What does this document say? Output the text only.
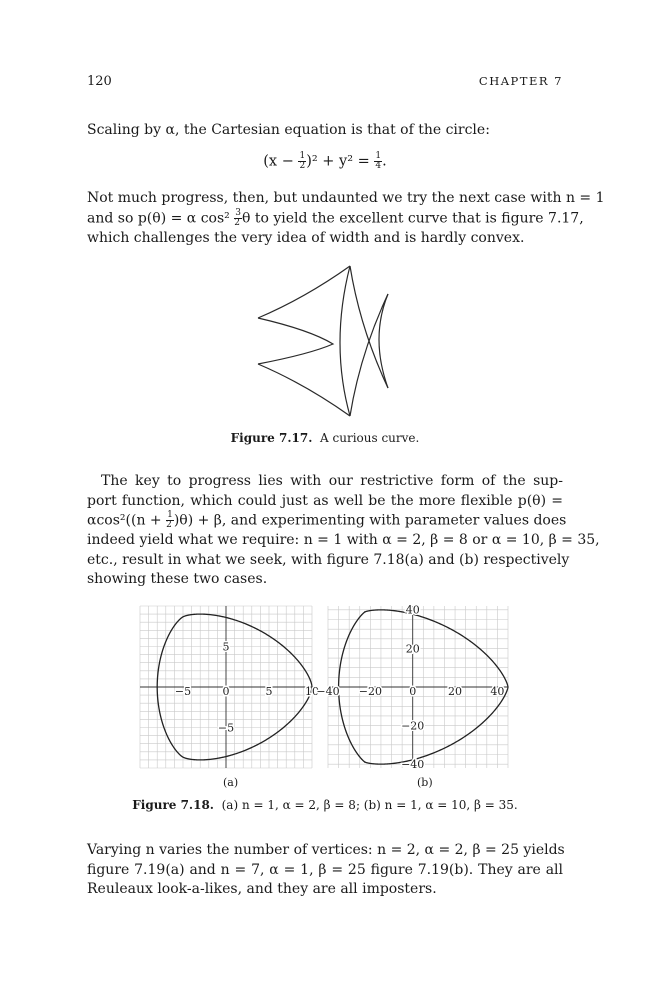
120	CHAPTER 7

Scaling by α, the Cartesian equation is that of the circle:

$(x - \frac{1}{2} )^2 + y^2 = \frac{1}{4}$ .

Not much progress, then, but undaunted we try the next case with n = 1
and so p(θ) = α $\cos^2 \frac{3}{2}$ θ to yield the excellent curve that is figure 7.17,
which challenges the very idea of width and is hardly convex.

Figure 7.17. A curious curve.

The key to progress lies with our restrictive form of the sup-
port function, which could just as well be the more flexible p(θ) =
$\alpha\cos^2((n + \frac{1}{2} )\theta) + \beta$, and experimenting with parameter values does
indeed yield what we require: n = 1 with α = 2, β = 8 or α = 10, β = 35,
etc., result in what we seek, with figure 7.18(a) and (b) respectively
showing these two cases.

−5	0	5	10
5
−5
−40 −20 0	20	40
40
20
−20
−40
(a)	(b)
Figure 7.18. (a) n = 1, α = 2, β = 8; (b) n = 1, α = 10, β = 35.

Varying n varies the number of vertices: n = 2, α = 2, β = 25 yields
figure 7.19(a) and n = 7, α = 1, β = 25 figure 7.19(b). They are all
Reuleaux look-a-likes, and they are all imposters.
